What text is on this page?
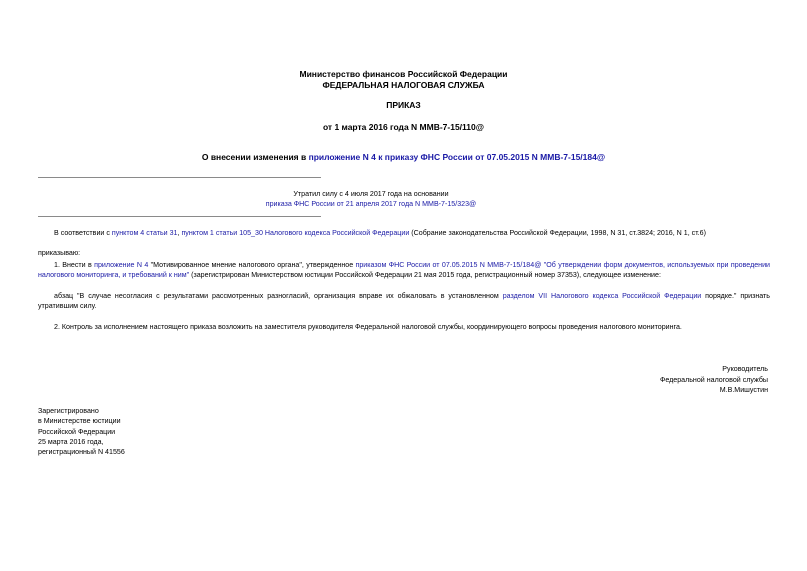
Министерство финансов Российской Федерации
ФЕДЕРАЛЬНАЯ НАЛОГОВАЯ СЛУЖБА
ПРИКАЗ
от 1 марта 2016 года N ММВ-7-15/110@
О внесении изменения в приложение N 4 к приказу ФНС России от 07.05.2015 N ММВ-7-15/184@
Утратил силу с 4 июля 2017 года на основании
приказа ФНС России от 21 апреля 2017 года N ММВ-7-15/323@
В соответствии с пунктом 4 статьи 31, пунктом 1 статьи 105_30 Налогового кодекса Российской Федерации (Собрание законодательства Российской Федерации, 1998, N 31, ст.3824; 2016, N 1, ст.6)
приказываю:
1. Внести в приложение N 4 "Мотивированное мнение налогового органа", утвержденное приказом ФНС России от 07.05.2015 N ММВ-7-15/184@ "Об утверждении форм документов, используемых при проведении налогового мониторинга, и требований к ним" (зарегистрирован Министерством юстиции Российской Федерации 21 мая 2015 года, регистрационный номер 37353), следующее изменение:
абзац "В случае несогласия с результатами рассмотренных разногласий, организация вправе их обжаловать в установленном разделом VII Налогового кодекса Российской Федерации порядке." признать утратившим силу.
2. Контроль за исполнением настоящего приказа возложить на заместителя руководителя Федеральной налоговой службы, координирующего вопросы проведения налогового мониторинга.
Руководитель
Федеральной налоговой службы
М.В.Мишустин
Зарегистрировано
в Министерстве юстиции
Российской Федерации
25 марта 2016 года,
регистрационный N 41556
